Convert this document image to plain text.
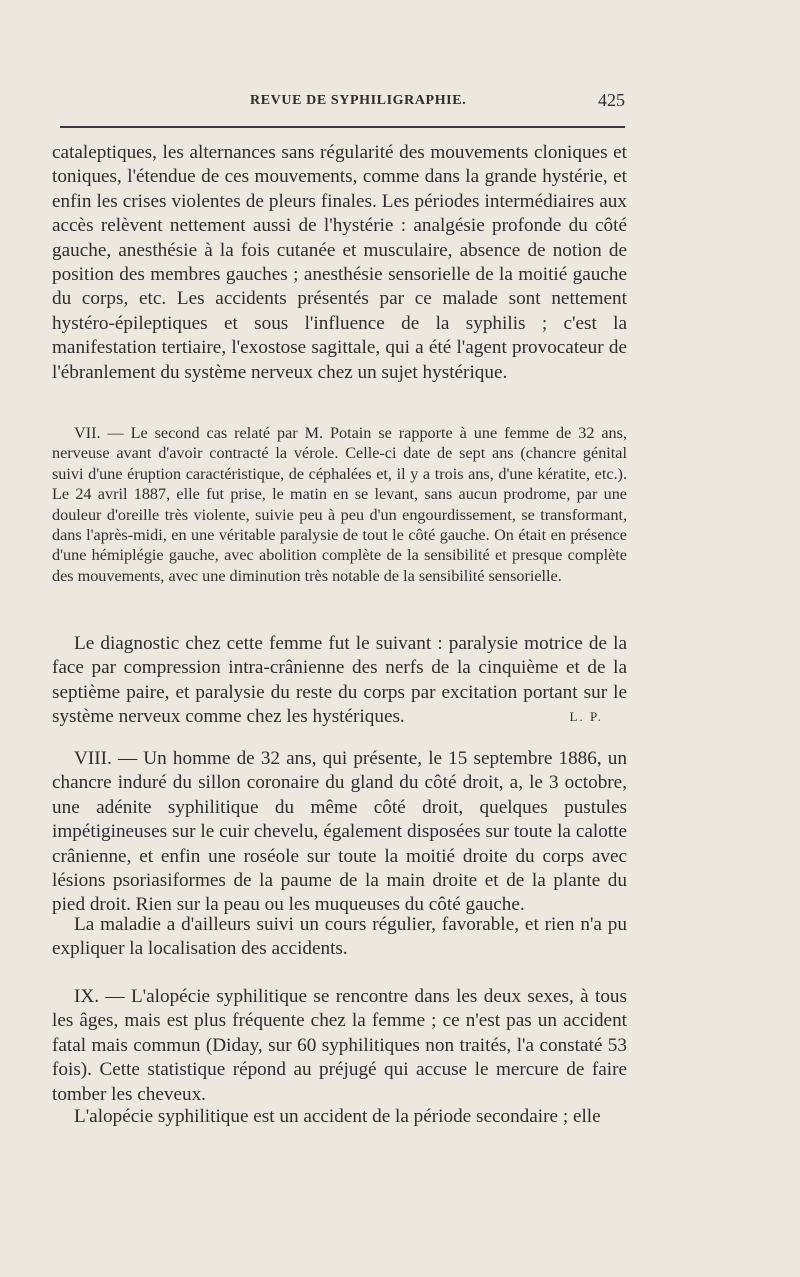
REVUE DE SYPHILIGRAPHIE.	425

cataleptiques, les alternances sans régularité des mouvements cloniques et toniques, l'étendue de ces mouvements, comme dans la grande hystérie, et enfin les crises violentes de pleurs finales. Les périodes intermédiaires aux accès relèvent nettement aussi de l'hystérie : analgésie profonde du côté gauche, anesthésie à la fois cutanée et musculaire, absence de notion de position des membres gauches ; anesthésie sensorielle de la moitié gauche du corps, etc. Les accidents présentés par ce malade sont nettement hystéro-épileptiques et sous l'influence de la syphilis ; c'est la manifestation tertiaire, l'exostose sagittale, qui a été l'agent provocateur de l'ébranlement du système nerveux chez un sujet hystérique.

VII. — Le second cas relaté par M. Potain se rapporte à une femme de 32 ans, nerveuse avant d'avoir contracté la vérole. Celle-ci date de sept ans (chancre génital suivi d'une éruption caractéristique, de céphalées et, il y a trois ans, d'une kératite, etc.). Le 24 avril 1887, elle fut prise, le matin en se levant, sans aucun prodrome, par une douleur d'oreille très violente, suivie peu à peu d'un engourdissement, se transformant, dans l'après-midi, en une véritable paralysie de tout le côté gauche. On était en présence d'une hémiplégie gauche, avec abolition complète de la sensibilité et presque complète des mouvements, avec une diminution très notable de la sensibilité sensorielle.

Le diagnostic chez cette femme fut le suivant : paralysie motrice de la face par compression intra-crânienne des nerfs de la cinquième et de la septième paire, et paralysie du reste du corps par excitation portant sur le système nerveux comme chez les hystériques.	L. P.

VIII. — Un homme de 32 ans, qui présente, le 15 septembre 1886, un chancre induré du sillon coronaire du gland du côté droit, a, le 3 octobre, une adénite syphilitique du même côté droit, quelques pustules impétigineuses sur le cuir chevelu, également disposées sur toute la calotte crânienne, et enfin une roséole sur toute la moitié droite du corps avec lésions psoriasiformes de la paume de la main droite et de la plante du pied droit. Rien sur la peau ou les muqueuses du côté gauche.

La maladie a d'ailleurs suivi un cours régulier, favorable, et rien n'a pu expliquer la localisation des accidents.

IX. — L'alopécie syphilitique se rencontre dans les deux sexes, à tous les âges, mais est plus fréquente chez la femme ; ce n'est pas un accident fatal mais commun (Diday, sur 60 syphilitiques non traités, l'a constaté 53 fois). Cette statistique répond au préjugé qui accuse le mercure de faire tomber les cheveux.

L'alopécie syphilitique est un accident de la période secondaire ; elle
